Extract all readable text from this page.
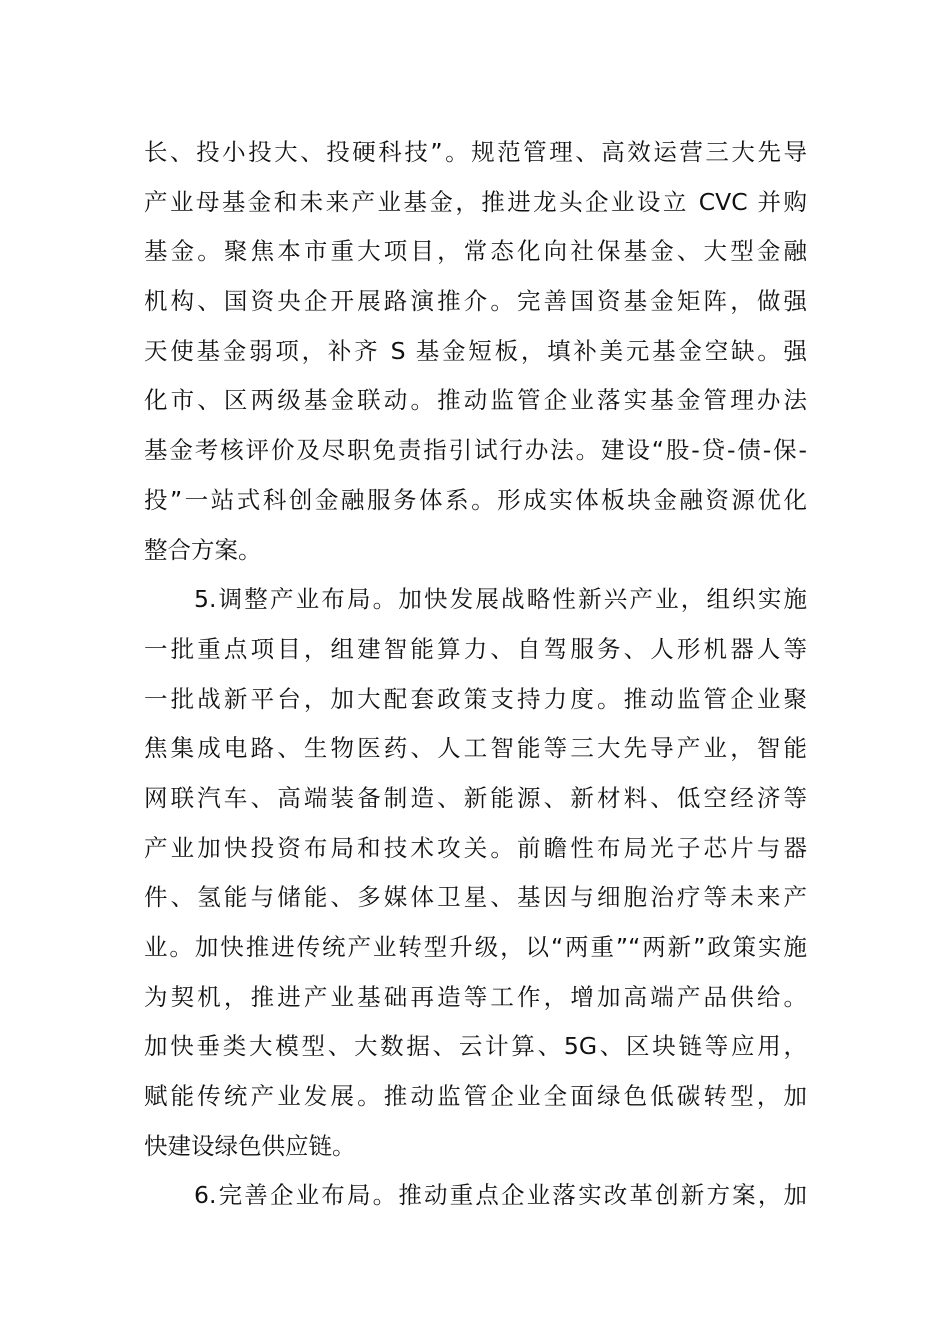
长、投小投大、投硬科技”。规范管理、高效运营三大先导
产业母基金和未来产业基金，推进龙头企业设立 CVC 并购
基金。聚焦本市重大项目，常态化向社保基金、大型金融
机构、国资央企开展路演推介。完善国资基金矩阵，做强
天使基金弱项，补齐 S 基金短板，填补美元基金空缺。强
化市、区两级基金联动。推动监管企业落实基金管理办法
基金考核评价及尽职免责指引试行办法。建设“股-贷-债-保-
投”一站式科创金融服务体系。形成实体板块金融资源优化
整合方案。
5.调整产业布局。加快发展战略性新兴产业，组织实施
一批重点项目，组建智能算力、自驾服务、人形机器人等
一批战新平台，加大配套政策支持力度。推动监管企业聚
焦集成电路、生物医药、人工智能等三大先导产业，智能
网联汽车、高端装备制造、新能源、新材料、低空经济等
产业加快投资布局和技术攻关。前瞻性布局光子芯片与器
件、氢能与储能、多媒体卫星、基因与细胞治疗等未来产
业。加快推进传统产业转型升级，以“两重”“两新”政策实施
为契机，推进产业基础再造等工作，增加高端产品供给。
加快垂类大模型、大数据、云计算、5G、区块链等应用，
赋能传统产业发展。推动监管企业全面绿色低碳转型，加
快建设绿色供应链。
6.完善企业布局。推动重点企业落实改革创新方案，加
